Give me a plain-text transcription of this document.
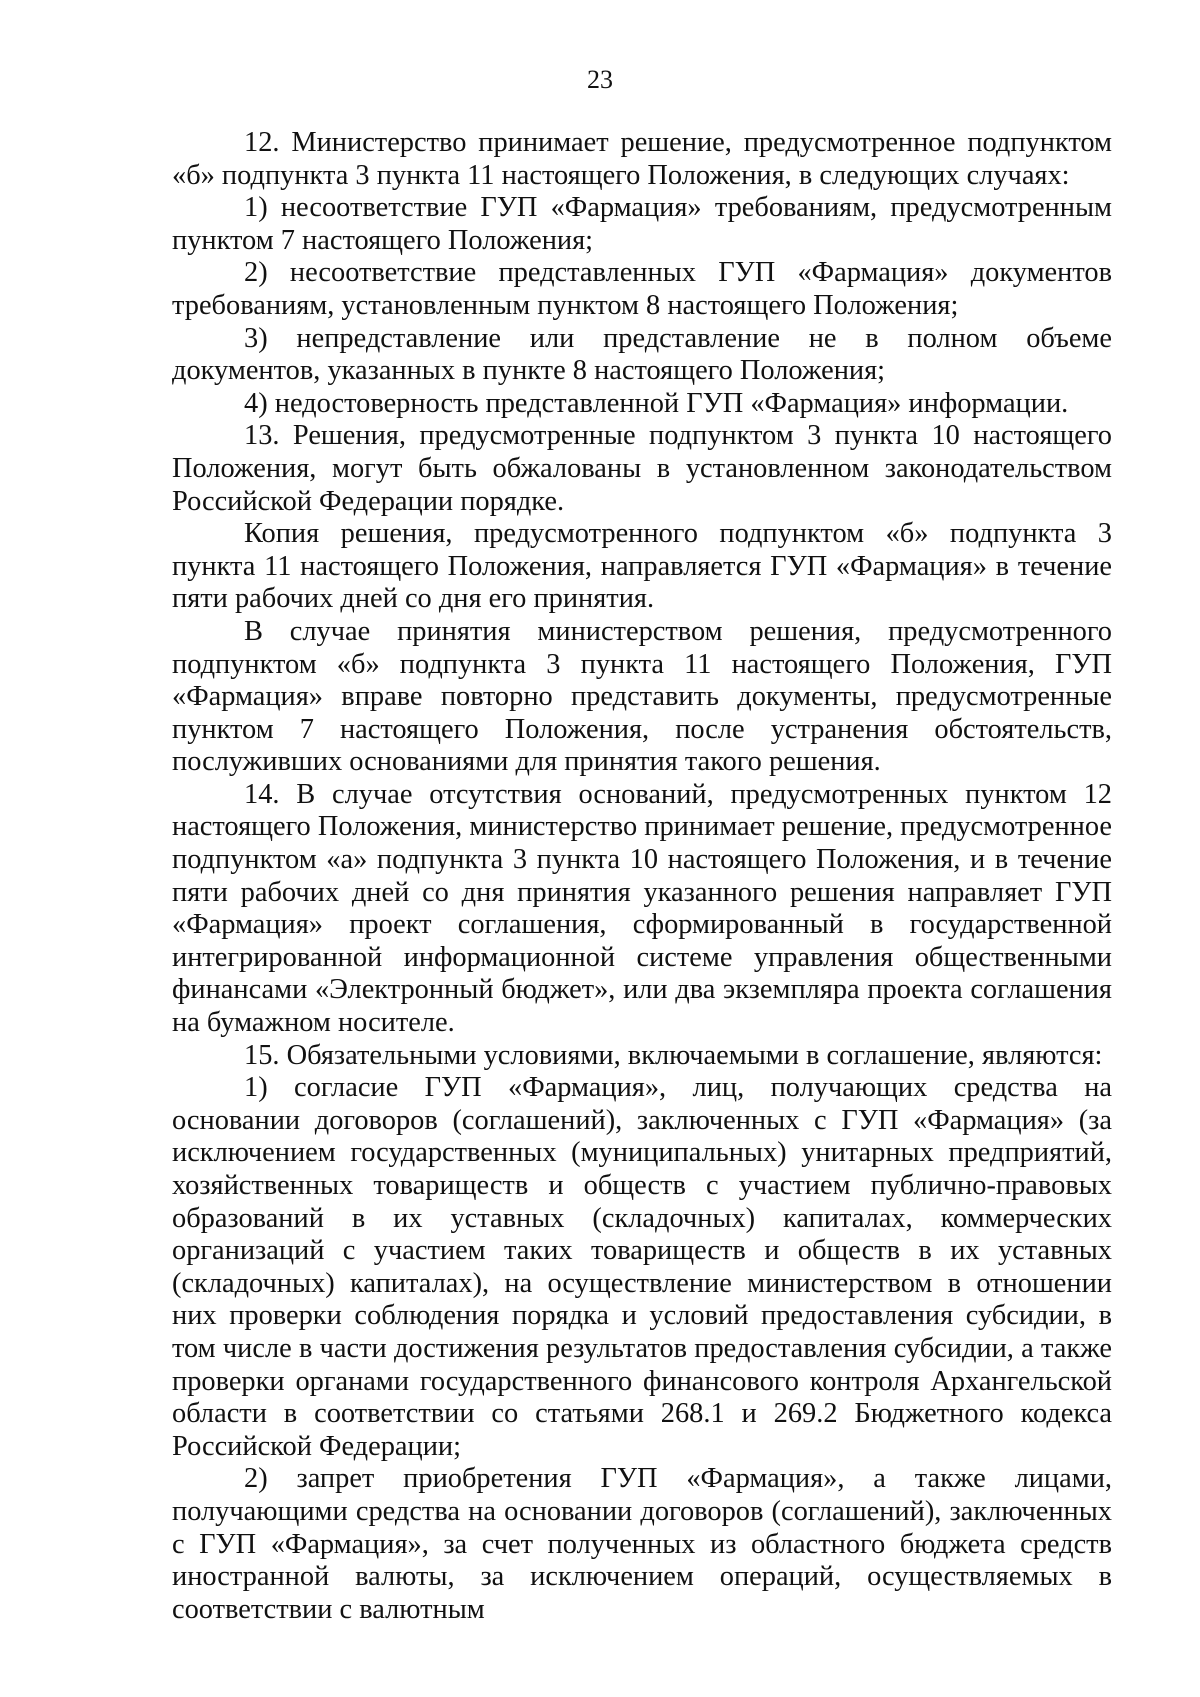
23

12. Министерство принимает решение, предусмотренное подпунктом «б» подпункта 3 пункта 11 настоящего Положения, в следующих случаях:

1) несоответствие ГУП «Фармация» требованиям, предусмотренным пунктом 7 настоящего Положения;

2) несоответствие представленных ГУП «Фармация» документов требованиям, установленным пунктом 8 настоящего Положения;

3) непредставление или представление не в полном объеме документов, указанных в пункте 8 настоящего Положения;

4) недостоверность представленной ГУП «Фармация» информации.

13. Решения, предусмотренные подпунктом 3 пункта 10 настоящего Положения, могут быть обжалованы в установленном законодательством Российской Федерации порядке.

Копия решения, предусмотренного подпунктом «б» подпункта 3 пункта 11 настоящего Положения, направляется ГУП «Фармация» в течение пяти рабочих дней со дня его принятия.

В случае принятия министерством решения, предусмотренного подпунктом «б» подпункта 3 пункта 11 настоящего Положения, ГУП «Фармация» вправе повторно представить документы, предусмотренные пунктом 7 настоящего Положения, после устранения обстоятельств, послуживших основаниями для принятия такого решения.

14. В случае отсутствия оснований, предусмотренных пунктом 12 настоящего Положения, министерство принимает решение, предусмотренное подпунктом «а» подпункта 3 пункта 10 настоящего Положения, и в течение пяти рабочих дней со дня принятия указанного решения направляет ГУП «Фармация» проект соглашения, сформированный в государственной интегрированной информационной системе управления общественными финансами «Электронный бюджет», или два экземпляра проекта соглашения на бумажном носителе.

15. Обязательными условиями, включаемыми в соглашение, являются:

1) согласие ГУП «Фармация», лиц, получающих средства на основании договоров (соглашений), заключенных с ГУП «Фармация» (за исключением государственных (муниципальных) унитарных предприятий, хозяйственных товариществ и обществ с участием публично-правовых образований в их уставных (складочных) капиталах, коммерческих организаций с участием таких товариществ и обществ в их уставных (складочных) капиталах), на осуществление министерством в отношении них проверки соблюдения порядка и условий предоставления субсидии, в том числе в части достижения результатов предоставления субсидии, а также проверки органами государственного финансового контроля Архангельской области в соответствии со статьями 268.1 и 269.2 Бюджетного кодекса Российской Федерации;

2) запрет приобретения ГУП «Фармация», а также лицами, получающими средства на основании договоров (соглашений), заключенных с ГУП «Фармация», за счет полученных из областного бюджета средств иностранной валюты, за исключением операций, осуществляемых в соответствии с валютным
